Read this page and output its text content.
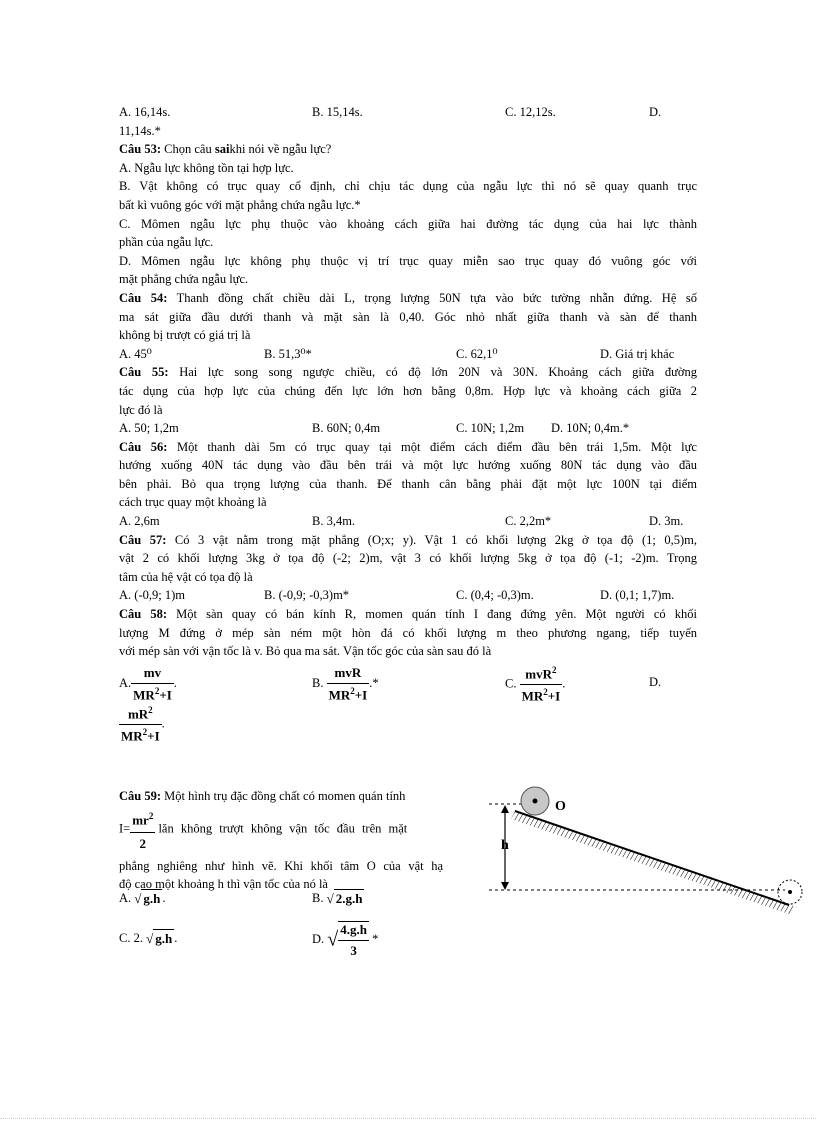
A. 16,14s.	B. 15,14s.	C. 12,12s.	D.
11,14s.*
Câu 53: Chọn câu saikhi nói về ngẫu lực?
A. Ngẫu lực không tồn tại hợp lực.
B. Vật không có trục quay cố định, chỉ chịu tác dụng của ngẫu lực thì nó sẽ quay quanh trục
bất kì vuông góc với mặt phẳng chứa ngẫu lực.*
C. Mômen ngẫu lực phụ thuộc vào khoảng cách giữa hai đường tác dụng của hai lực thành
phần của ngẫu lực.
D. Mômen ngẫu lực không phụ thuộc vị trí trục quay miễn sao trục quay đó vuông góc với
mặt phẳng chứa ngẫu lực.
Câu 54: Thanh đồng chất chiều dài L, trọng lượng 50N tựa vào bức tường nhẵn đứng. Hệ số
ma sát giữa đầu dưới thanh và mặt sàn là 0,40. Góc nhỏ nhất giữa thanh và sàn để thanh
không bị trượt có giá trị là
A. 45⁰	B. 51,3⁰*	C. 62,1⁰	D. Giá trị khác
Câu 55: Hai lực song song ngược chiều, có độ lớn 20N và 30N. Khoảng cách giữa đường
tác dụng của hợp lực của chúng đến lực lớn hơn bằng 0,8m. Hợp lực và khoảng cách giữa 2
lực đó là
A. 50; 1,2m	B. 60N; 0,4m	C. 10N; 1,2m D. 10N; 0,4m.*
Câu 56: Một thanh dài 5m có trục quay tại một điểm cách điểm đầu bên trái 1,5m. Một lực
hướng xuống 40N tác dụng vào đầu bên trái và một lực hướng xuống 80N tác dụng vào đầu
bên phải. Bỏ qua trọng lượng của thanh. Để thanh cân bằng phải đặt một lực 100N tại điểm
cách trục quay một khoảng là
A. 2,6m	B. 3,4m.	C. 2,2m*	D. 3m.
Câu 57: Có 3 vật nằm trong mặt phẳng (O;x; y). Vật 1 có khối lượng 2kg ở tọa độ (1; 0,5)m,
vật 2 có khối lượng 3kg ở tọa độ (-2; 2)m, vật 3 có khối lượng 5kg ở tọa độ (-1; -2)m. Trọng
tâm của hệ vật có tọa độ là
A. (-0,9; 1)m	B. (-0,9; -0,3)m*	C. (0,4; -0,3)m.	D. (0,1; 1,7)m.
Câu 58: Một sàn quay có bán kính R, momen quán tính I đang đứng yên. Một người có khối
lượng M đứng ở mép sàn ném một hòn đá có khối lượng m theo phương ngang, tiếp tuyến
với mép sàn với vận tốc là v. Bỏ qua ma sát. Vận tốc góc của sàn sau đó là
A. $\frac{mv}{MR^2+I}$ .	B. $\frac{\text{mvR}}{MR^2+I}$ .*	C. $\frac{mvR^2}{MR^2+I}$ .	D.
$\frac{mR^2}{MR^2+I}$ .
Câu 59: Một hình trụ đặc đồng chất có momen quán tính
$I= \frac{mr^2}{2}$ lăn không trượt không vận tốc đầu trên mặt
phẳng nghiêng như hình vẽ. Khi khối tâm O của vật hạ
độ cao một khoảng h thì vận tốc của nó là
A. √ g.h .	B. √ 2.g.h
C. 2. √ g.h .	D. √ $\frac{4.g.h}{3}$ *
h
O
